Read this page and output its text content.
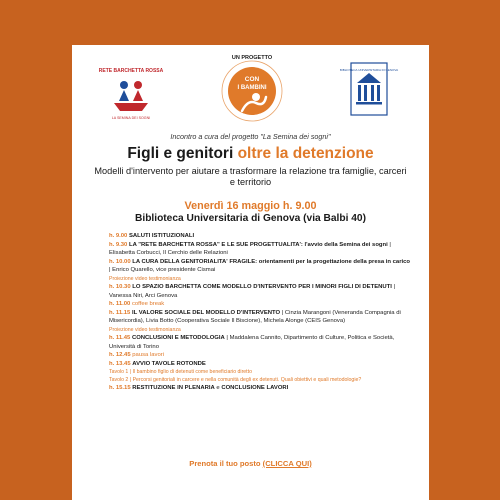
RETE BARCHETTA ROSSA
LA SEMINA DEI SOGNI
UN PROGETTO
CON
I BAMBINI
BIBLIOTECA UNIVERSITARIA DI GENOVA
Incontro a cura del progetto "La Semina dei sogni"
Figli e genitori oltre la detenzione
Modelli d'intervento per aiutare a trasformare la relazione tra famiglie, carceri e territorio
Venerdì 16 maggio h. 9.00
Biblioteca Universitaria di Genova (via Balbi 40)
h. 9.00 SALUTI ISTITUZIONALI
h. 9.30 LA "RETE BARCHETTA ROSSA" E LE SUE PROGETTUALITA': l'avvio della Semina dei sogni | Elisabetta Corbucci, Il Cerchio delle Relazioni
h. 10.00 LA CURA DELLA GENITORIALITA' FRAGILE: orientamenti per la progettazione della presa in carico | Enrico Quarello, vice presidente Cismai
Proiezione video testimonianza
h. 10.30 LO SPAZIO BARCHETTA COME MODELLO D'INTERVENTO PER I MINORI FIGLI DI DETENUTI | Vanessa Niri, Arci Genova
h. 11.00 coffee break
h. 11.15 IL VALORE SOCIALE DEL MODELLO D'INTERVENTO | Cinzia Marangoni (Veneranda Compagnia di Misericordia), Livia Botto (Cooperativa Sociale Il Biscione), Michela Alonge (CEIS Genova)
Proiezione video testimonianza
h. 11.45 CONCLUSIONI E METODOLOGIA | Maddalena Cannito, Dipartimento di Culture, Politica e Società, Università di Torino
h. 12.45 pausa lavori
h. 13.45 AVVIO TAVOLE ROTONDE
Tavolo 1 | Il bambino figlio di detenuti come beneficiario diretto
Tavolo 2 | Percorsi genitoriali in carcere e nella comunità degli ex detenuti. Quali obiettivi e quali metodologie?
h. 15.15 RESTITUZIONE IN PLENARIA e CONCLUSIONE LAVORI
Prenota il tuo posto (CLICCA QUI)
